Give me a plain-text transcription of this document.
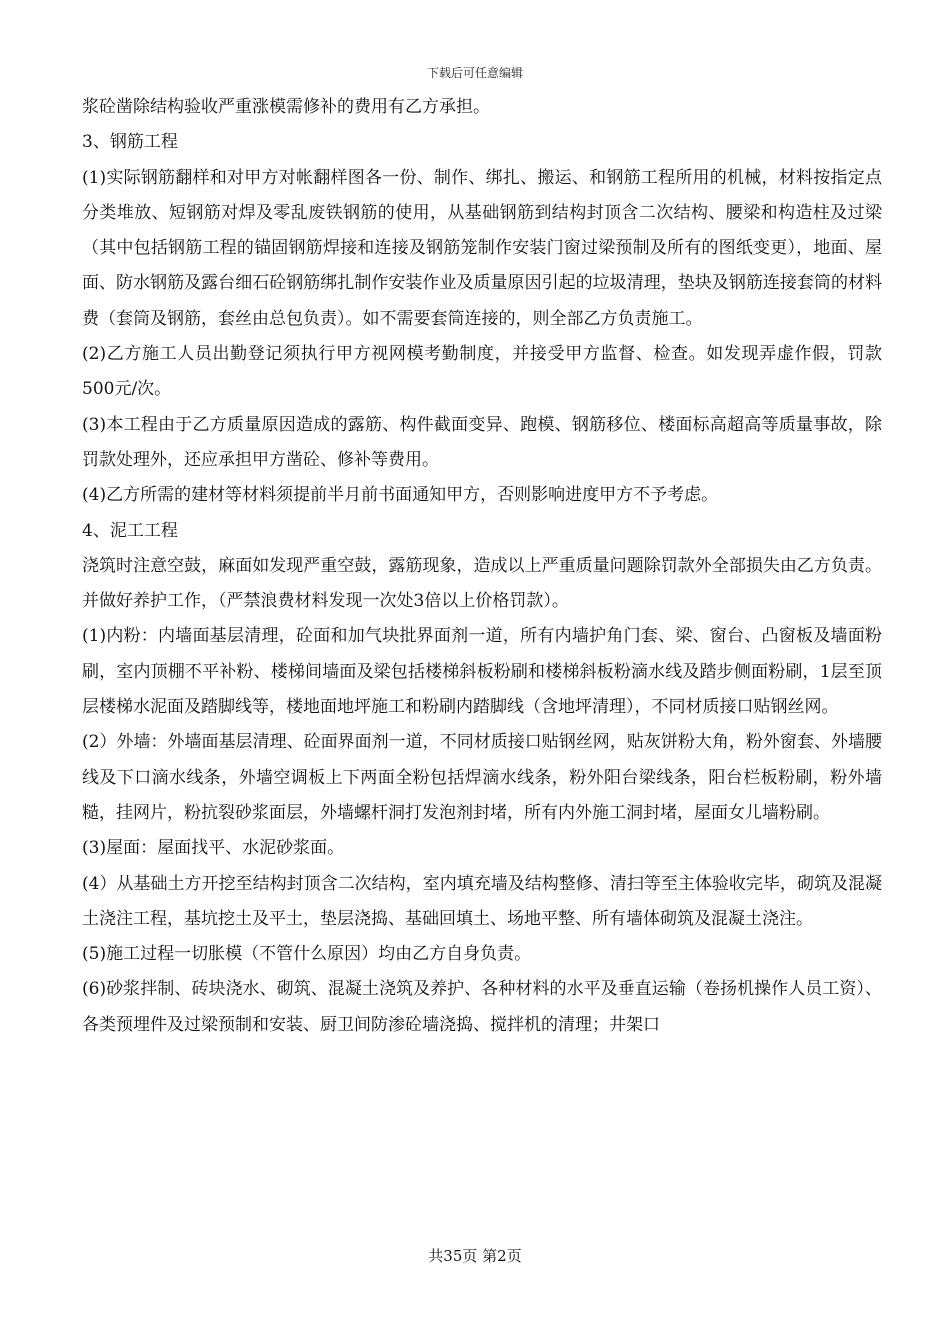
下载后可任意编辑

浆砼凿除结构验收严重涨模需修补的费用有乙方承担。

3、钢筋工程

(1)实际钢筋翻样和对甲方对帐翻样图各一份、制作、绑扎、搬运、和钢筋工程所用的机械，材料按指定点分类堆放、短钢筋对焊及零乱废铁钢筋的使用，从基础钢筋到结构封顶含二次结构、腰梁和构造柱及过梁（其中包括钢筋工程的锚固钢筋焊接和连接及钢筋笼制作安装门窗过梁预制及所有的图纸变更），地面、屋面、防水钢筋及露台细石砼钢筋绑扎制作安装作业及质量原因引起的垃圾清理，垫块及钢筋连接套筒的材料费（套筒及钢筋，套丝由总包负责）。如不需要套筒连接的，则全部乙方负责施工。

(2)乙方施工人员出勤登记须执行甲方视网模考勤制度，并接受甲方监督、检查。如发现弄虚作假，罚款500元/次。

(3)本工程由于乙方质量原因造成的露筋、构件截面变异、跑模、钢筋移位、楼面标高超高等质量事故，除罚款处理外，还应承担甲方凿砼、修补等费用。

(4)乙方所需的建材等材料须提前半月前书面通知甲方，否则影响进度甲方不予考虑。

4、泥工工程

浇筑时注意空鼓，麻面如发现严重空鼓，露筋现象，造成以上严重质量问题除罚款外全部损失由乙方负责。并做好养护工作，（严禁浪费材料发现一次处3倍以上价格罚款）。

(1)内粉：内墙面基层清理，砼面和加气块批界面剂一道，所有内墙护角门套、梁、窗台、凸窗板及墙面粉刷，室内顶棚不平补粉、楼梯间墙面及梁包括楼梯斜板粉刷和楼梯斜板粉滴水线及踏步侧面粉刷，1层至顶层楼梯水泥面及踏脚线等，楼地面地坪施工和粉刷内踏脚线（含地坪清理），不同材质接口贴钢丝网。

(2）外墙：外墙面基层清理、砼面界面剂一道，不同材质接口贴钢丝网，贴灰饼粉大角，粉外窗套、外墙腰线及下口滴水线条，外墙空调板上下两面全粉包括焊滴水线条，粉外阳台梁线条，阳台栏板粉刷，粉外墙糙，挂网片，粉抗裂砂浆面层，外墙螺杆洞打发泡剂封堵，所有内外施工洞封堵，屋面女儿墙粉刷。

(3)屋面：屋面找平、水泥砂浆面。

(4）从基础土方开挖至结构封顶含二次结构，室内填充墙及结构整修、清扫等至主体验收完毕，砌筑及混凝土浇注工程，基坑挖土及平土，垫层浇捣、基础回填土、场地平整、所有墙体砌筑及混凝土浇注。

(5)施工过程一切胀模（不管什么原因）均由乙方自身负责。

(6)砂浆拌制、砖块浇水、砌筑、混凝土浇筑及养护、各种材料的水平及垂直运输（卷扬机操作人员工资）、各类预埋件及过梁预制和安装、厨卫间防渗砼墙浇捣、搅拌机的清理；井架口

共35页 第2页
